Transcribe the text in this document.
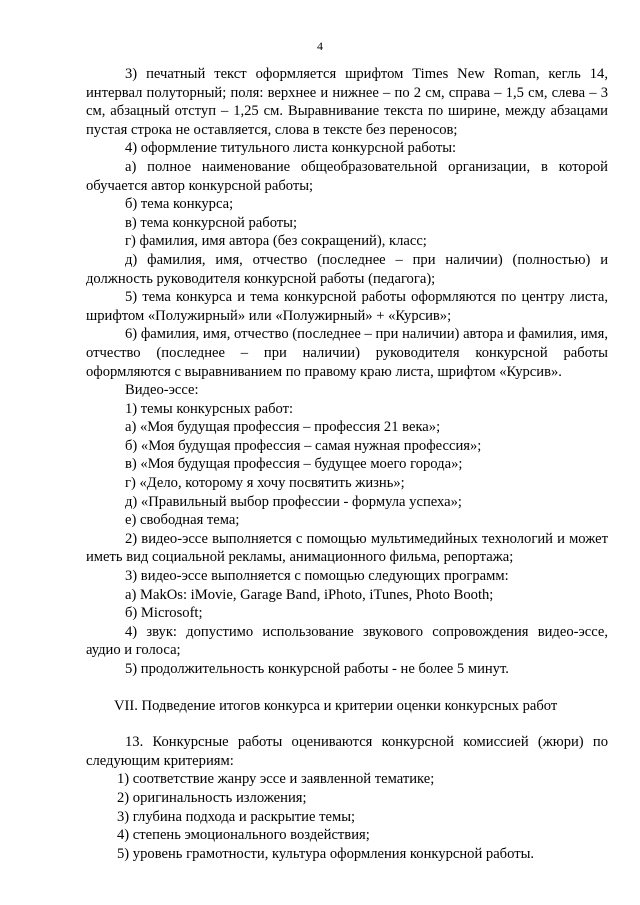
4

3) печатный текст оформляется шрифтом Times New Roman, кегль 14, интервал полуторный; поля: верхнее и нижнее – по 2 см, справа – 1,5 см, слева – 3 см, абзацный отступ – 1,25 см. Выравнивание текста по ширине, между абзацами пустая строка не оставляется, слова в тексте без переносов;

4) оформление титульного листа конкурсной работы:

а) полное наименование общеобразовательной организации, в которой обучается автор конкурсной работы;

б) тема конкурса;

в) тема конкурсной работы;

г) фамилия, имя автора (без сокращений), класс;

д) фамилия, имя, отчество (последнее – при наличии) (полностью) и должность руководителя конкурсной работы (педагога);

5) тема конкурса и тема конкурсной работы оформляются по центру листа, шрифтом «Полужирный» или «Полужирный» + «Курсив»;

6) фамилия, имя, отчество (последнее – при наличии) автора и фамилия, имя, отчество (последнее – при наличии) руководителя конкурсной работы оформляются с выравниванием по правому краю листа, шрифтом «Курсив».

Видео-эссе:

1) темы конкурсных работ:

а) «Моя будущая профессия – профессия 21 века»;

б) «Моя будущая профессия – самая нужная профессия»;

в) «Моя будущая профессия – будущее моего города»;

г) «Дело, которому я хочу посвятить жизнь»;

д) «Правильный выбор профессии - формула успеха»;

е) свободная тема;

2) видео-эссе выполняется с помощью мультимедийных технологий и может иметь вид социальной рекламы, анимационного фильма, репортажа;

3) видео-эссе выполняется с помощью следующих программ:

а) MakOs: iMovie, Garage Band, iPhoto, iTunes, Photo Booth;

б) Microsoft;

4) звук: допустимо использование звукового сопровождения видео-эссе, аудио и голоса;

5) продолжительность конкурсной работы - не более 5 минут.

VII. Подведение итогов конкурса и критерии оценки конкурсных работ

13. Конкурсные работы оцениваются конкурсной комиссией (жюри) по следующим критериям:

1) соответствие жанру эссе и заявленной тематике;

2) оригинальность изложения;

3) глубина подхода и раскрытие темы;

4) степень эмоционального воздействия;

5) уровень грамотности, культура оформления конкурсной работы.
